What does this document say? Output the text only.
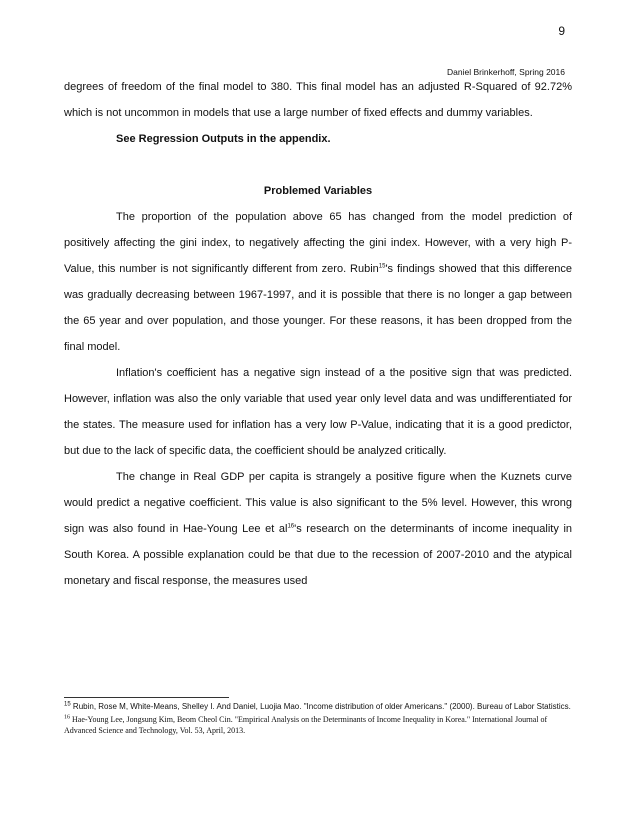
9
Daniel Brinkerhoff, Spring 2016

degrees of freedom of the final model to 380. This final model has an adjusted R-Squared of 92.72% which is not uncommon in models that use a large number of fixed effects and dummy variables.

See Regression Outputs in the appendix.

Problemed Variables

The proportion of the population above 65 has changed from the model prediction of positively affecting the gini index, to negatively affecting the gini index. However, with a very high P-Value, this number is not significantly different from zero. Rubin$^{15}$'s findings showed that this difference was gradually decreasing between 1967-1997, and it is possible that there is no longer a gap between the 65 year and over population, and those younger. For these reasons, it has been dropped from the final model.

Inflation's coefficient has a negative sign instead of a the positive sign that was predicted. However, inflation was also the only variable that used year only level data and was undifferentiated for the states. The measure used for inflation has a very low P-Value, indicating that it is a good predictor, but due to the lack of specific data, the coefficient should be analyzed critically.

The change in Real GDP per capita is strangely a positive figure when the Kuznets curve would predict a negative coefficient. This value is also significant to the 5% level. However, this wrong sign was also found in Hae-Young Lee et $al^{16}'s$ research on the determinants of income inequality in South Korea. A possible explanation could be that due to the recession of 2007-2010 and the atypical monetary and fiscal response, the measures used

$^{15}$ Rubin, Rose M, White-Means, Shelley I. And Daniel, Luojia Mao. "Income distribution of older Americans." (2000). Bureau of Labor Statistics.

$^{16}$ Hae-Young Lee, Jongsung Kim, Beom Cheol Cin. "Empirical Analysis on the Determinants of Income Inequality in Korea." International Journal of Advanced Science and Technology, Vol. 53, April, 2013.
